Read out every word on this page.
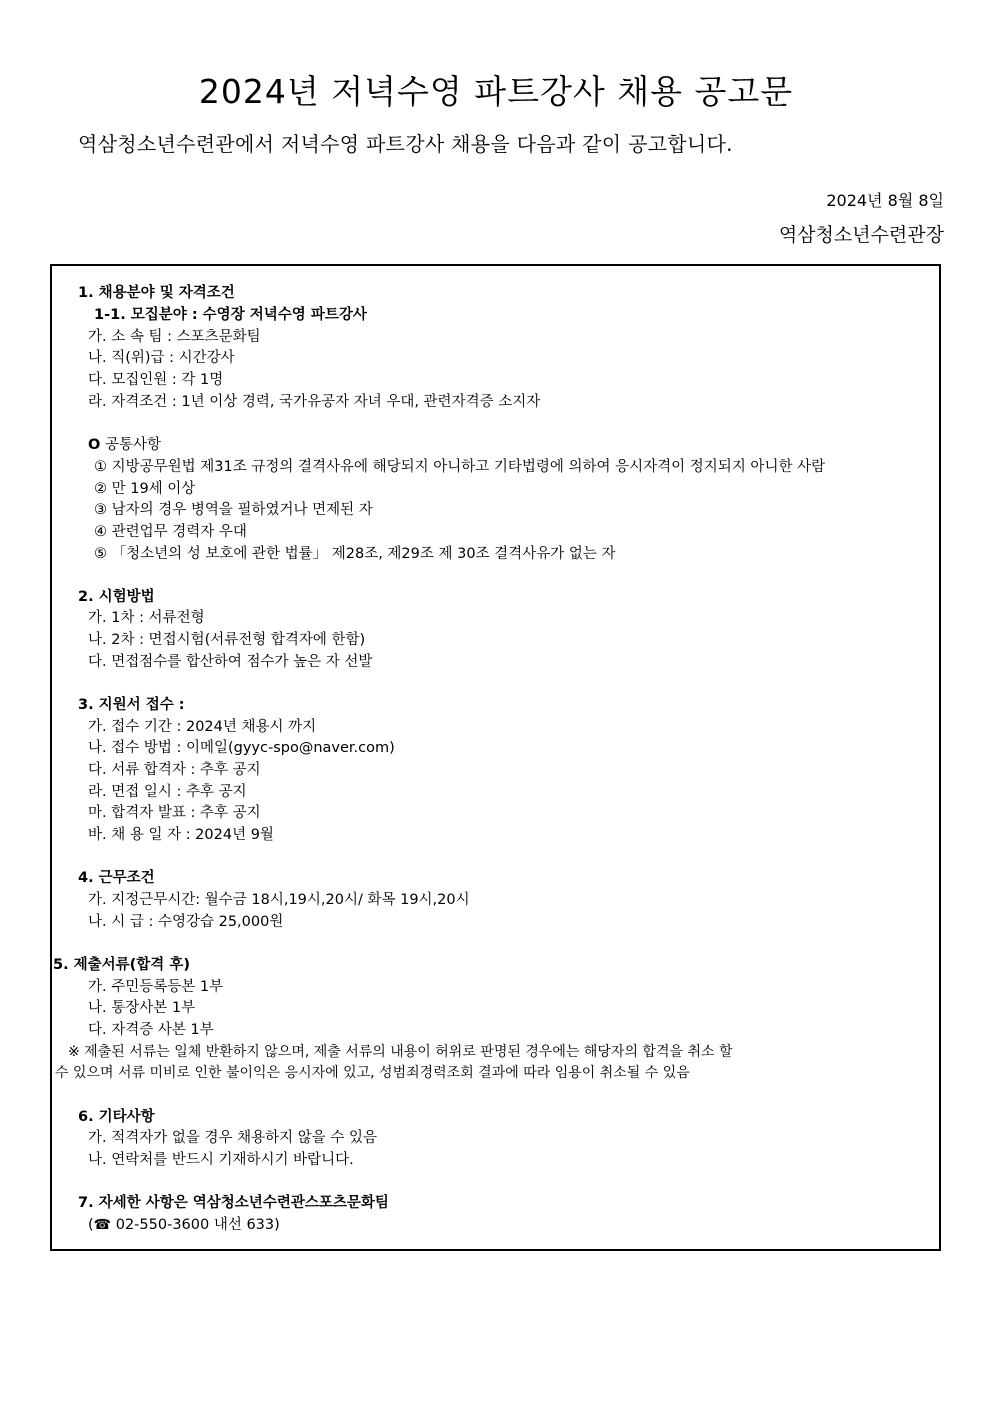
2024년 저녁수영 파트강사 채용 공고문
역삼청소년수련관에서 저녁수영 파트강사 채용을 다음과 같이 공고합니다.
2024년 8월 8일
역삼청소년수련관장
1. 채용분야 및 자격조건
1-1. 모집분야 : 수영장 저녁수영 파트강사
가. 소 속 팀 : 스포츠문화팀
나. 직(위)급 : 시간강사
다. 모집인원 : 각 1명
라. 자격조건 : 1년 이상 경력, 국가유공자 자녀 우대, 관련자격증 소지자
O 공통사항
① 지방공무원법 제31조 규정의 결격사유에 해당되지 아니하고 기타법령에 의하여 응시자격이 정지되지 아니한 사람
② 만 19세 이상
③ 남자의 경우 병역을 필하였거나 면제된 자
④ 관련업무 경력자 우대
⑤ 「청소년의 성 보호에 관한 법률」 제28조, 제29조 제 30조 결격사유가 없는 자
2. 시험방법
가. 1차 : 서류전형
나. 2차 : 면접시험(서류전형 합격자에 한함)
다. 면접점수를 합산하여 점수가 높은 자 선발
3. 지원서 접수 :
가. 접수 기간 : 2024년 채용시 까지
나. 접수 방법 : 이메일(gyyc-spo@naver.com)
다. 서류 합격자 : 추후 공지
라. 면접 일시 : 추후 공지
마. 합격자 발표 : 추후 공지
바. 채 용 일 자 : 2024년 9월
4. 근무조건
가. 지정근무시간: 월수금 18시,19시,20시/ 화목 19시,20시
나. 시 급 : 수영강습 25,000원
5. 제출서류(합격 후)
가. 주민등록등본 1부
나. 통장사본 1부
다. 자격증 사본 1부
※ 제출된 서류는 일체 반환하지 않으며, 제출 서류의 내용이 허위로 판명된 경우에는 해당자의 합격을 취소 할
수 있으며 서류 미비로 인한 불이익은 응시자에 있고, 성범죄경력조회 결과에 따라 임용이 취소될 수 있음
6. 기타사항
가. 적격자가 없을 경우 채용하지 않을 수 있음
나. 연락처를 반드시 기재하시기 바랍니다.
7. 자세한 사항은 역삼청소년수련관스포츠문화팀
(☎ 02-550-3600 내선 633)
